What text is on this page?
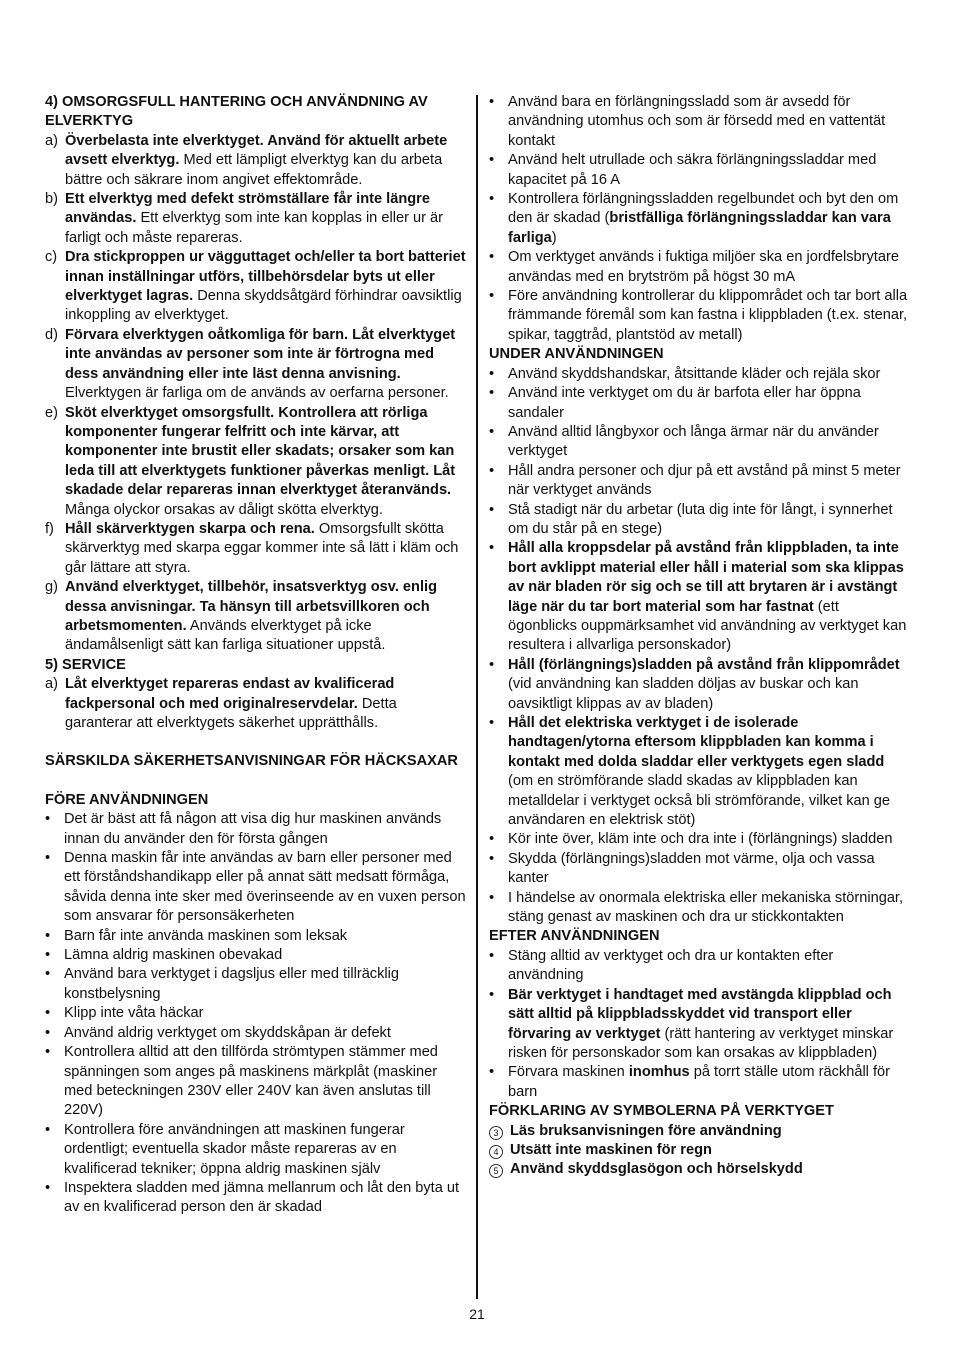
4) OMSORGSFULL HANTERING OCH ANVÄNDNING AV ELVERKTYG

a) Överbelasta inte elverktyget. Använd för aktuellt arbete avsett elverktyg. Med ett lämpligt elverktyg kan du arbeta bättre och säkrare inom angivet effektområde.

b) Ett elverktyg med defekt strömställare får inte längre användas. Ett elverktyg som inte kan kopplas in eller ur är farligt och måste repareras.

c) Dra stickproppen ur vägguttaget och/eller ta bort batteriet innan inställningar utförs, tillbehörsdelar byts ut eller elverktyget lagras. Denna skyddsåtgärd förhindrar oavsiktlig inkoppling av elverktyget.

d) Förvara elverktygen oåtkomliga för barn. Låt elverktyget inte användas av personer som inte är förtrogna med dess användning eller inte läst denna anvisning. Elverktygen är farliga om de används av oerfarna personer.

e) Sköt elverktyget omsorgsfullt. Kontrollera att rörliga komponenter fungerar felfritt och inte kärvar, att komponenter inte brustit eller skadats; orsaker som kan leda till att elverktygets funktioner påverkas menligt. Låt skadade delar repareras innan elverktyget återanvänds. Många olyckor orsakas av dåligt skötta elverktyg.

f) Håll skärverktygen skarpa och rena. Omsorgsfullt skötta skärverktyg med skarpa eggar kommer inte så lätt i kläm och går lättare att styra.

g) Använd elverktyget, tillbehör, insatsverktyg osv. enlig dessa anvisningar. Ta hänsyn till arbetsvillkoren och arbetsmomenten. Används elverktyget på icke ändamålsenligt sätt kan farliga situationer uppstå.

5) SERVICE

a) Låt elverktyget repareras endast av kvalificerad fackpersonal och med originalreservdelar. Detta garanterar att elverktygets säkerhet upprätthålls.

SÄRSKILDA SÄKERHETSANVISNINGAR FÖR HÄCKSAXAR

FÖRE ANVÄNDNINGEN

• Det är bäst att få någon att visa dig hur maskinen används innan du använder den för första gången

• Denna maskin får inte användas av barn eller personer med ett förståndshandikapp eller på annat sätt medsatt förmåga, såvida denna inte sker med överinseende av en vuxen person som ansvarar för personsäkerheten

• Barn får inte använda maskinen som leksak

• Lämna aldrig maskinen obevakad

• Använd bara verktyget i dagsljus eller med tillräcklig konstbelysning

• Klipp inte våta häckar

• Använd aldrig verktyget om skyddskåpan är defekt

• Kontrollera alltid att den tillförda strömtypen stämmer med spänningen som anges på maskinens märkplåt (maskiner med beteckningen 230V eller 240V kan även anslutas till 220V)

• Kontrollera före användningen att maskinen fungerar ordentligt; eventuella skador måste repareras av en kvalificerad tekniker; öppna aldrig maskinen själv

• Inspektera sladden med jämna mellanrum och låt den byta ut av en kvalificerad person den är skadad

• Använd bara en förlängningssladd som är avsedd för användning utomhus och som är försedd med en vattentät kontakt

• Använd helt utrullade och säkra förlängningssladdar med kapacitet på 16 A

• Kontrollera förlängningssladden regelbundet och byt den om den är skadad (bristfälliga förlängningssladdar kan vara farliga)

• Om verktyget används i fuktiga miljöer ska en jordfelsbrytare användas med en brytström på högst 30 mA

• Före användning kontrollerar du klippområdet och tar bort alla främmande föremål som kan fastna i klippbladen (t.ex. stenar, spikar, taggtråd, plantstöd av metall)

UNDER ANVÄNDNINGEN

• Använd skyddshandskar, åtsittande kläder och rejäla skor

• Använd inte verktyget om du är barfota eller har öppna sandaler

• Använd alltid långbyxor och långa ärmar när du använder verktyget

• Håll andra personer och djur på ett avstånd på minst 5 meter när verktyget används

• Stå stadigt när du arbetar (luta dig inte för långt, i synnerhet om du står på en stege)

• Håll alla kroppsdelar på avstånd från klippbladen, ta inte bort avklippt material eller håll i material som ska klippas av när bladen rör sig och se till att brytaren är i avstängt läge när du tar bort material som har fastnat (ett ögonblicks ouppmärksamhet vid användning av verktyget kan resultera i allvarliga personskador)

• Håll (förlängnings)sladden på avstånd från klippområdet (vid användning kan sladden döljas av buskar och kan oavsiktligt klippas av av bladen)

• Håll det elektriska verktyget i de isolerade handtagen/ytorna eftersom klippbladen kan komma i kontakt med dolda sladdar eller verktygets egen sladd (om en strömförande sladd skadas av klippbladen kan metalldelar i verktyget också bli strömförande, vilket kan ge användaren en elektrisk stöt)

• Kör inte över, kläm inte och dra inte i (förlängnings) sladden

• Skydda (förlängnings)sladden mot värme, olja och vassa kanter

• I händelse av onormala elektriska eller mekaniska störningar, stäng genast av maskinen och dra ur stickkontakten

EFTER ANVÄNDNINGEN

• Stäng alltid av verktyget och dra ur kontakten efter användning

• Bär verktyget i handtaget med avstängda klippblad och sätt alltid på klippbladsskyddet vid transport eller förvaring av verktyget (rätt hantering av verktyget minskar risken för personskador som kan orsakas av klippbladen)

• Förvara maskinen inomhus på torrt ställe utom räckhåll för barn

FÖRKLARING AV SYMBOLERNA PÅ VERKTYGET

3 Läs bruksanvisningen före användning

4 Utsätt inte maskinen för regn

5 Använd skyddsglasögon och hörselskydd

21
